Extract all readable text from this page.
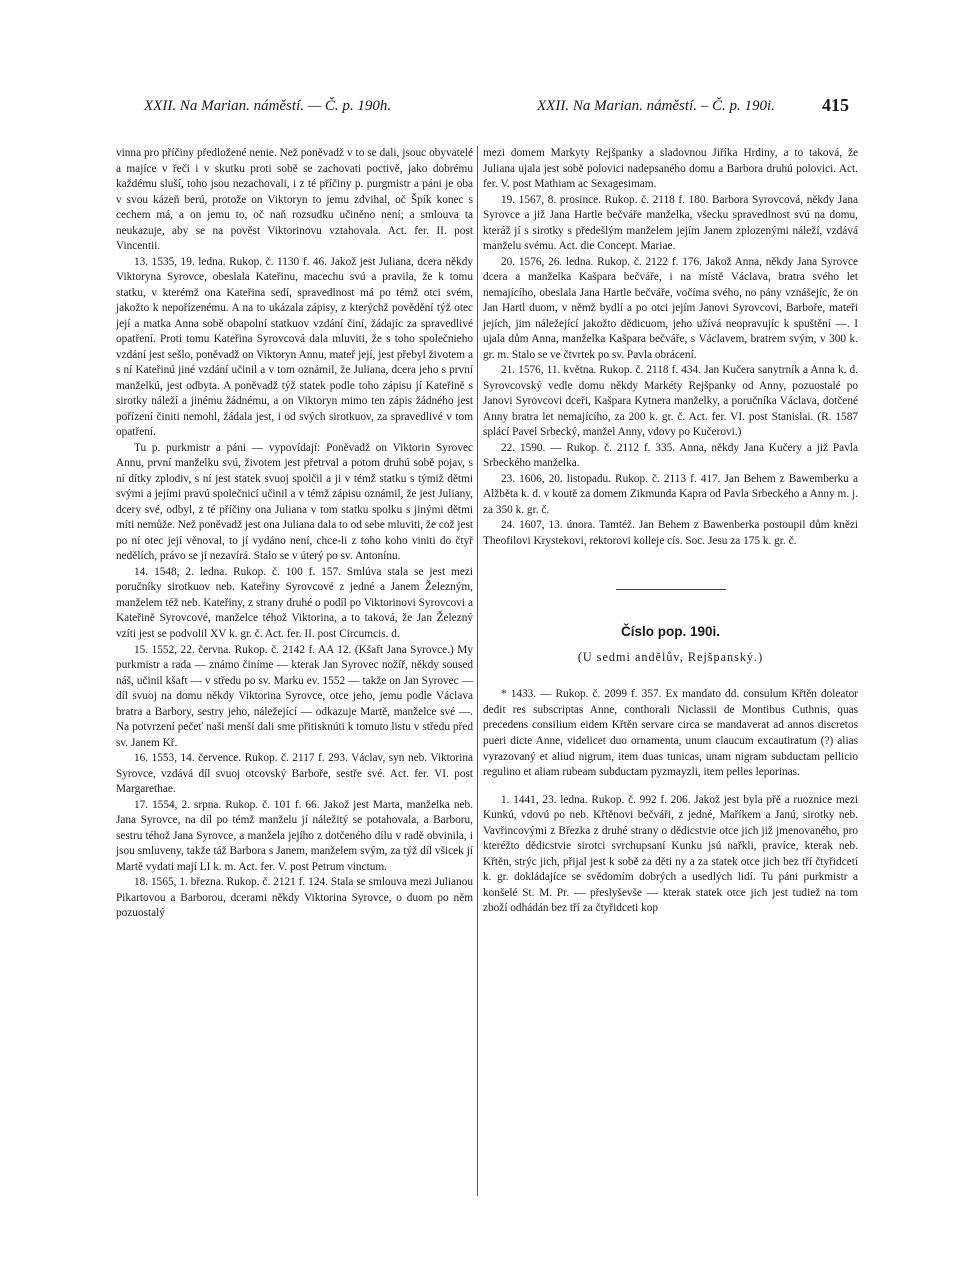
XXII. Na Marian. náměstí. — Č. p. 190h.	XXII. Na Marian. náměstí. – Č. p. 190i.	415

vinna pro příčiny předložené nenie. Než poněvadž v to se dali, jsouc obyvatelé a majíce v řeči i v skutku proti sobě se zachovati poctivě, jako dobrému každému sluší, toho jsou nezachovali, i z té příčiny p. purgmistr a páni je oba v svou kázeň berú, protože on Viktoryn to jemu zdvihal, oč Špík konec s cechem má, a on jemu to, oč naň rozsudku učiněno není; a smlouva ta neukazuje, aby se na pověst Viktorinovu vztahovala. Act. fer. II. post Vincentii.

13. 1535, 19. ledna. Rukop. č. 1130 f. 46. Jakož jest Juliana, dcera někdy Viktoryna Syrovce, obeslala Kateřinu, macechu svú a pravila, že k tomu statku, v kterémž ona Kateřina sedí, spravedlnost má po témž otci svém, jakožto k nepořízenému. A na to ukázala zápisy, z kterýchž povědění týž otec její a matka Anna sobě obapolní statkuov vzdání činí, žádajíc za spravedlivé opatření. Proti tomu Kateřina Syrovcová dala mluviti, že s toho společnieho vzdání jest sešlo, poněvadž on Viktoryn Annu, mateř její, jest přebyl životem a s ní Kateřinú jiné vzdání učinil a v tom oznámil, že Juliana, dcera jeho s první manželkú, jest odbyta. A poněvadž týž statek podle toho zápisu jí Kateřině s sirotky náleží a jinému žádnému, a on Viktoryn mimo ten zápis žádného jest pořízení činiti nemohl, žádala jest, i od svých sirotkuov, za spravedlivé v tom opatření.

Tu p. purkmistr a páni — vypovídají: Poněvadž on Viktorin Syrovec Annu, první manželku svú, životem jest přetrval a potom druhú sobě pojav, s ní dítky zplodiv, s ní jest statek svuoj spolčil a ji v témž statku s týmiž dětmi svými a jejími pravú společnicí učinil a v témž zápisu oznámil, že jest Juliany, dcery své, odbyl, z té příčiny ona Juliana v tom statku spolku s jinými dětmi míti nemůže. Než poněvadž jest ona Juliana dala to od sebe mluviti, že což jest po ní otec její věnoval, to jí vydáno není, chce-li z toho koho viniti do čtyř nedělích, právo se jí nezavírá. Stalo se v úterý po sv. Antonínu.

14. 1548, 2. ledna. Rukop. č. 100 f. 157. Smlúva stala se jest mezi poručníky sirotkuov neb. Kateřiny Syrovcové z jedné a Janem Železným, manželem též neb. Kateřiny, z strany druhé o podíl po Viktorinovi Syrovcovi a Kateřině Syrovcové, manželce téhož Viktorina, a to taková, že Jan Železný vzíti jest se podvolil XV k. gr. č. Act. fer. II. post Circumcis. d.

15. 1552, 22. června. Rukop. č. 2142 f. AA 12. (Kšaft Jana Syrovce.) My purkmistr a rada — známo činíme — kterak Jan Syrovec nožíř, někdy soused náš, učinil kšaft — v středu po sv. Marku ev. 1552 — takže on Jan Syrovec — díl svuoj na domu někdy Viktorina Syrovce, otce jeho, jemu podle Václava bratra a Barbory, sestry jeho, náležející — odkazuje Martě, manželce své —. Na potvrzení pečeť naši menší dali sme přitisknúti k tomuto listu v středu před sv. Janem Kř.

16. 1553, 14. července. Rukop. č. 2117 f. 293. Václav, syn neb. Viktorina Syrovce, vzdává díl svuoj otcovský Barboře, sestře své. Act. fer. VI. post Margarethae.

17. 1554, 2. srpna. Rukop. č. 101 f. 66. Jakož jest Marta, manželka neb. Jana Syrovce, na díl po témž manželu jí náležitý se potahovala, a Barboru, sestru téhož Jana Syrovce, a manžela jejího z dotčeného dílu v radě obvinila, i jsou smluveny, takže táž Barbora s Janem, manželem svým, za týž díl všicek jí Martě vydati mají LI k. m. Act. fer. V. post Petrum vinctum.

18. 1565, 1. března. Rukop. č. 2121 f. 124. Stala se smlouva mezi Julianou Pikartovou a Barborou, dcerami někdy Viktorina Syrovce, o duom po něm pozuostalý

mezi domem Markyty Rejšpanky a sladovnou Jiříka Hrdiny, a to taková, že Juliana ujala jest sobě polovici nadepsaného domu a Barbora druhú polovici. Act. fer. V. post Mathiam ac Sexagesimam.

19. 1567, 8. prosince. Rukop. č. 2118 f. 180. Barbora Syrovcová, někdy Jana Syrovce a již Jana Hartle bečváře manželka, všecku spravedlnost svú na domu, kteráž jí s sirotky s předešlým manželem jejím Janem zplozenými náleží, vzdává manželu svému. Act. die Concept. Mariae.

20. 1576, 26. ledna. Rukop. č. 2122 f. 176. Jakož Anna, někdy Jana Syrovce dcera a manželka Kašpara bečváře, i na místě Václava, bratra svého let nemajícího, obeslala Jana Hartle bečváře, vočíma svého, no pány vznášejíc, že on Jan Hartl duom, v němž bydlí a po otci jejím Janovi Syrovcovi, Barboře, mateři jejích, jim náležející jakožto dědicuom, jeho užívá neopravujíc k spuštění —. I ujala dům Anna, manželka Kašpara bečváře, s Václavem, bratrem svým, v 300 k. gr. m. Stalo se ve čtvrtek po sv. Pavla obrácení.

21. 1576, 11. května. Rukop. č. 2118 f. 434. Jan Kučera sanytrník a Anna k. d. Syrovcovský vedle domu někdy Markéty Rejšpanky od Anny, pozuostalé po Janovi Syrovcovi dceři, Kašpara Kytnera manželky, a poručníka Václava, dotčené Anny bratra let nemajícího, za 200 k. gr. č. Act. fer. VI. post Stanislai. (R. 1587 splácí Pavel Srbecký, manžel Anny, vdovy po Kučerovi.)

22. 1590. — Rukop. č. 2112 f. 335. Anna, někdy Jana Kučery a již Pavla Srbeckého manželka.

23. 1606, 20. listopadu. Rukop. č. 2113 f. 417. Jan Behem z Bawemberku a Alžběta k. d. v koutě za domem Zikmunda Kapra od Pavla Srbeckého a Anny m. j. za 350 k. gr. č.

24. 1607, 13. února. Tamtéž. Jan Behem z Bawenberka postoupil dům knězi Theofilovi Krystekovi, rektorovi kolleje cís. Soc. Jesu za 175 k. gr. č.

Číslo pop. 190i.
(U sedmi andělův, Rejšpanský.)

* 1433. — Rukop. č. 2099 f. 357. Ex mandato dd. consulum Křtěn doleator dedit res subscriptas Anne, conthorali Niclassii de Montibus Cuthnis, quas precedens consilium eidem Křtěn servare circa se mandaverat ad annos discretos pueri dicte Anne, videlicet duo ornamenta, unum claucum excautiratum (?) alias vyrazovaný et aliud nigrum, item duas tunicas, unam nigram subductam pellicio regulino et aliam rubeam subductam pyzmayzli, item pelles leporinas.

1. 1441, 23. ledna. Rukop. č. 992 f. 206. Jakož jest byla přě a ruoznice mezi Kunkú, vdovú po neb. Křtěnovi bečváři, z jedné, Maříkem a Janú, sirotky neb. Vavřincovými z Březka z druhé strany o dědicstvie otce jich již jmenovaného, pro kteréžto dědicstvie sirotci svrchupsaní Kunku jsú nařkli, pravíce, kterak neb. Křtěn, strýc jich, přijal jest k sobě za děti ny a za statek otce jich bez tří čtyřidcetí k. gr. dokládajíce se svědomím dobrých a usedlých lidí. Tu páni purkmistr a konšelé St. M. Pr. — přeslyševše — kterak statek otce jich jest tudiež na tom zboží odhádán bez tří za čtyřidceti kop
